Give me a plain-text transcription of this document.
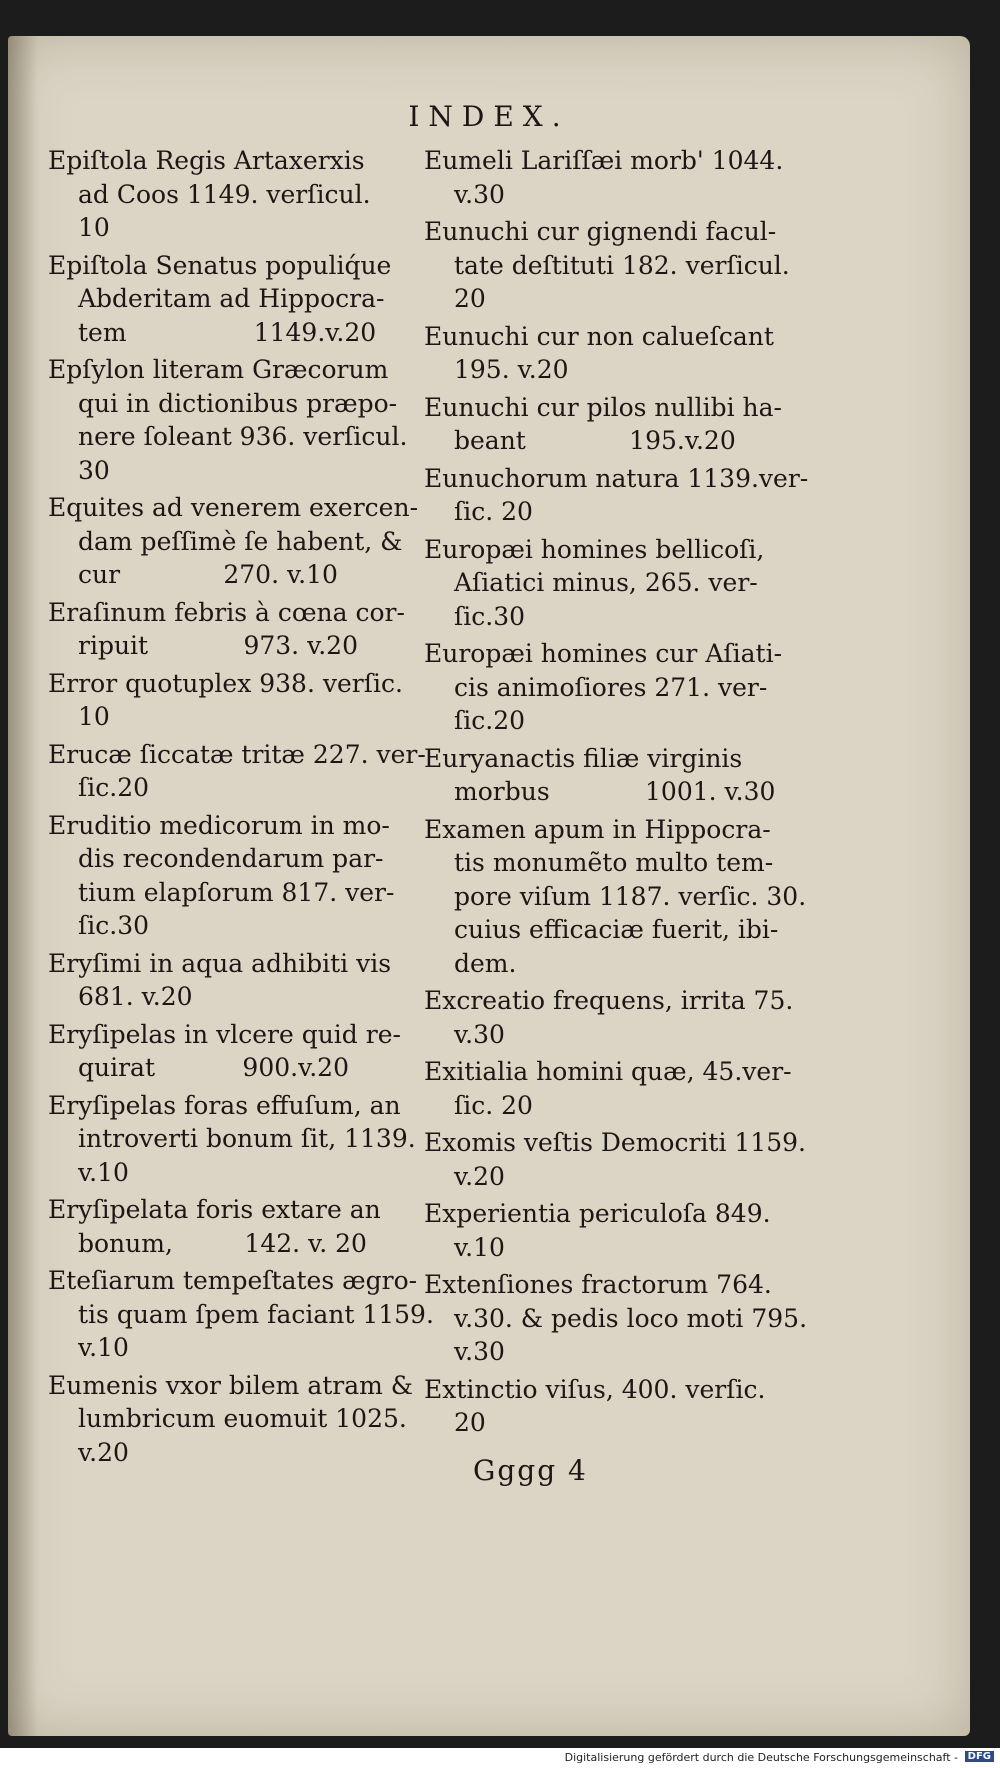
INDEX.
Epiſtola Regis Artaxerxis
ad Coos 1149. verſicul.
10
Epiſtola Senatus populiq́ue
Abderitam ad Hippocra-
tem                1149.v.20
Epſylon literam Græcorum
qui in dictionibus præpo-
nere ſoleant 936. verſicul.
30
Equites ad venerem exercen-
dam peſſimè ſe habent, &
cur             270. v.10
Eraſinum febris à cœna cor-
ripuit            973. v.20
Error quotuplex 938. verſic.
10
Erucæ ſiccatæ tritæ 227. ver-
ſic.20
Eruditio medicorum in mo-
dis recondendarum par-
tium elapſorum 817. ver-
ſic.30
Eryſimi in aqua adhibiti vis
681. v.20
Eryſipelas in vlcere quid re-
quirat           900.v.20
Eryſipelas foras effuſum, an
introverti bonum ſit, 1139.
v.10
Eryſipelata foris extare an
bonum,         142. v. 20
Eteſiarum tempeſtates ægro-
tis quam ſpem faciant 1159.
v.10
Eumenis vxor bilem atram &
lumbricum euomuit 1025.
v.20
Eumeli Lariſſæi morb' 1044.
v.30
Eunuchi cur gignendi facul-
tate deſtituti 182. verſicul.
20
Eunuchi cur non caluеſcant
195. v.20
Eunuchi cur pilos nullibi ha-
beant             195.v.20
Eunuchorum natura 1139.ver-
ſic. 20
Europæi homines bellicoſi,
Aſiatici minus, 265. ver-
ſic.30
Europæi homines cur Aſiati-
cis animoſiores 271. ver-
ſic.20
Euryanactis filiæ virginis
morbus            1001. v.30
Examen apum in Hippocra-
tis monumẽto multo tem-
pore viſum 1187. verſic. 30.
cuius efficaciæ fuerit, ibi-
dem.
Excreatio frequens, irrita 75.
v.30
Exitialia homini quæ, 45.ver-
ſic. 20
Exomis veſtis Democriti 1159.
v.20
Experientia periculoſa 849.
v.10
Extenſiones fractorum 764.
v.30. & pedis loco moti 795.
v.30
Extinctio viſus, 400. verſic.
20
Gggg 4
Digitalisierung gefördert durch die Deutsche Forschungsgemeinschaft - DFG
